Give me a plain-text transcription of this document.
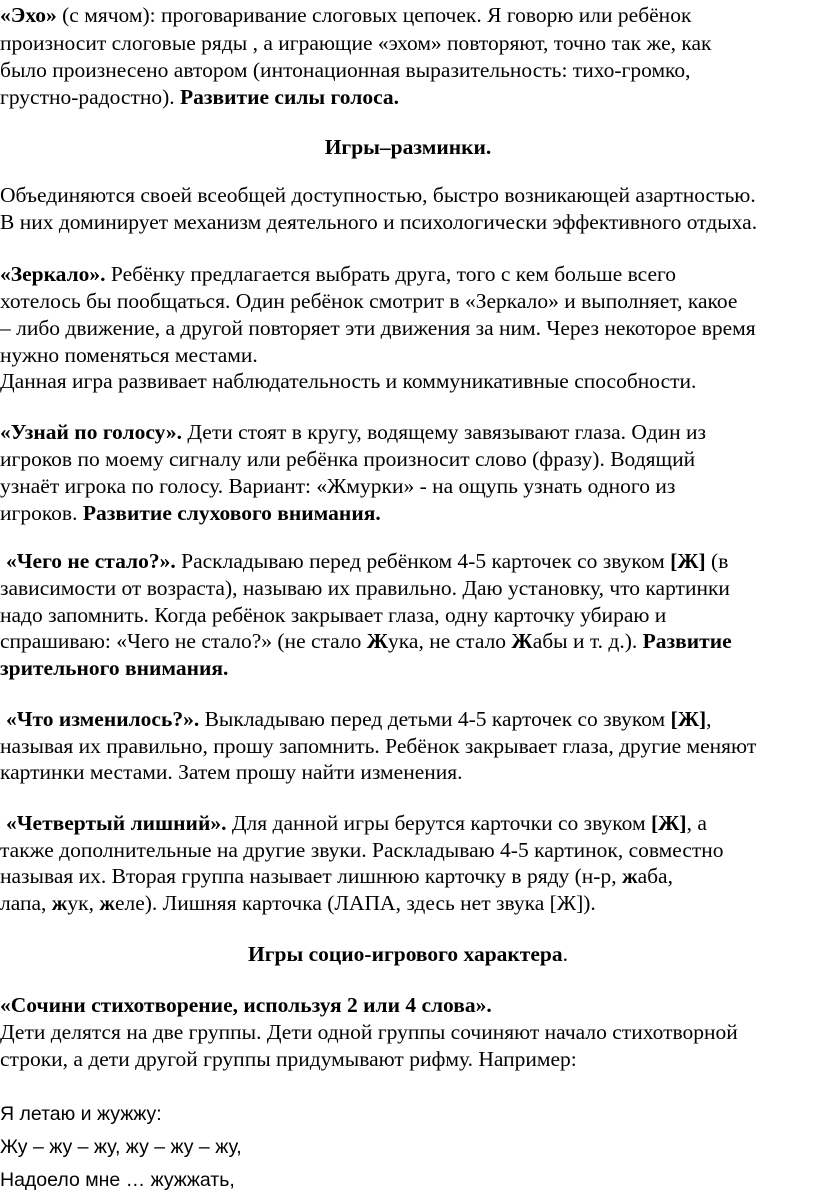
«Эхо» (с мячом): проговаривание слоговых цепочек. Я говорю или ребёнок
произносит слоговые ряды , а играющие «эхом» повторяют, точно так же, как
было произнесено автором (интонационная выразительность: тихо-громко,
грустно-радостно). Развитие силы голоса.
Игры–разминки.
Объединяются своей всеобщей доступностью, быстро возникающей азартностью.
В них доминирует механизм деятельного и психологически эффективного отдыха.
«Зеркало». Ребёнку предлагается выбрать друга, того с кем больше всего
хотелось бы пообщаться. Один ребёнок смотрит в «Зеркало» и выполняет, какое
– либо движение, а другой повторяет эти движения за ним. Через некоторое время
нужно поменяться местами.
Данная игра развивает наблюдательность и коммуникативные способности.
«Узнай по голосу». Дети стоят в кругу, водящему завязывают глаза. Один из
игроков по моему сигналу или ребёнка произносит слово (фразу). Водящий
узнаёт игрока по голосу. Вариант: «Жмурки» - на ощупь узнать одного из
игроков. Развитие слухового внимания.
«Чего не стало?». Раскладываю перед ребёнком 4-5 карточек со звуком [Ж] (в
зависимости от возраста), называю их правильно. Даю установку, что картинки
надо запомнить. Когда ребёнок закрывает глаза, одну карточку убираю и
спрашиваю: «Чего не стало?» (не стало Жука, не стало Жабы и т. д.). Развитие
зрительного внимания.
«Что изменилось?». Выкладываю перед детьми 4-5 карточек со звуком [Ж],
называя их правильно, прошу запомнить. Ребёнок закрывает глаза, другие меняют
картинки местами. Затем прошу найти изменения.
«Четвертый лишний». Для данной игры берутся карточки со звуком [Ж], а
также дополнительные на другие звуки. Раскладываю 4-5 картинок, совместно
называя их. Вторая группа называет лишнюю карточку в ряду (н-р, жаба,
лапа, жук, желе). Лишняя карточка (ЛАПА, здесь нет звука [Ж]).
Игры социо-игрового характера.
«Сочини стихотворение, используя 2 или 4 слова».
Дети делятся на две группы. Дети одной группы сочиняют начало стихотворной
строки, а дети другой группы придумывают рифму. Например:
Я летаю и жужжу:
Жу – жу – жу, жу – жу – жу,
Надоело мне … жужжать,
